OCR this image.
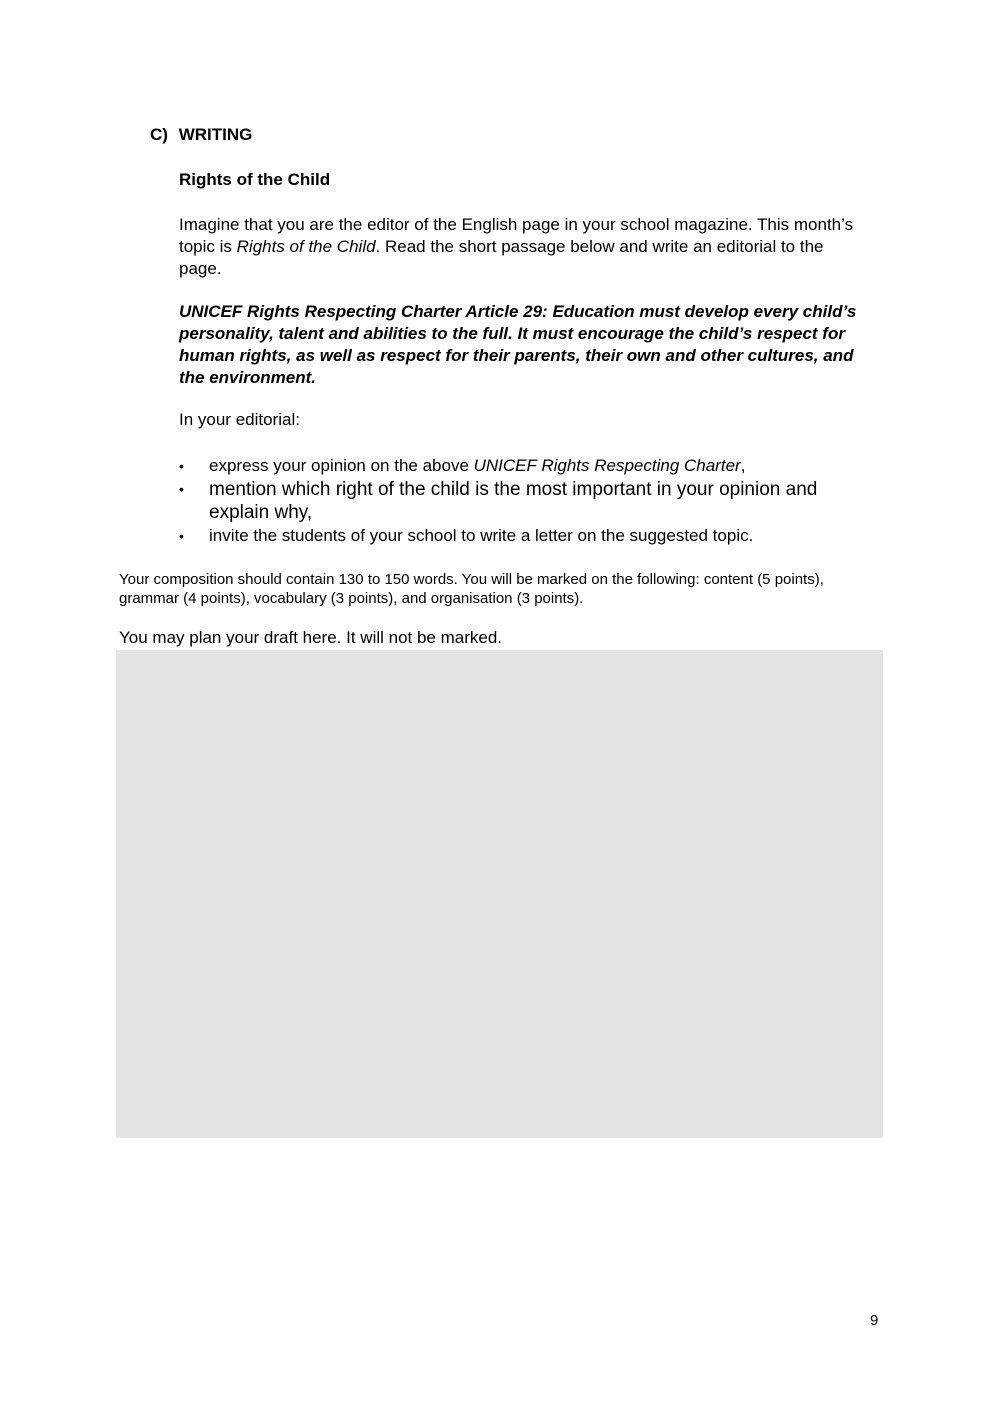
C) WRITING
Rights of the Child

Imagine that you are the editor of the English page in your school magazine. This month’s topic is Rights of the Child. Read the short passage below and write an editorial to the page.

UNICEF Rights Respecting Charter Article 29: Education must develop every child’s personality, talent and abilities to the full. It must encourage the child’s respect for human rights, as well as respect for their parents, their own and other cultures, and the environment.

In your editorial:

• express your opinion on the above UNICEF Rights Respecting Charter,
• mention which right of the child is the most important in your opinion and explain why,
• invite the students of your school to write a letter on the suggested topic.

Your composition should contain 130 to 150 words. You will be marked on the following: content (5 points), grammar (4 points), vocabulary (3 points), and organisation (3 points).

You may plan your draft here. It will not be marked.

9
